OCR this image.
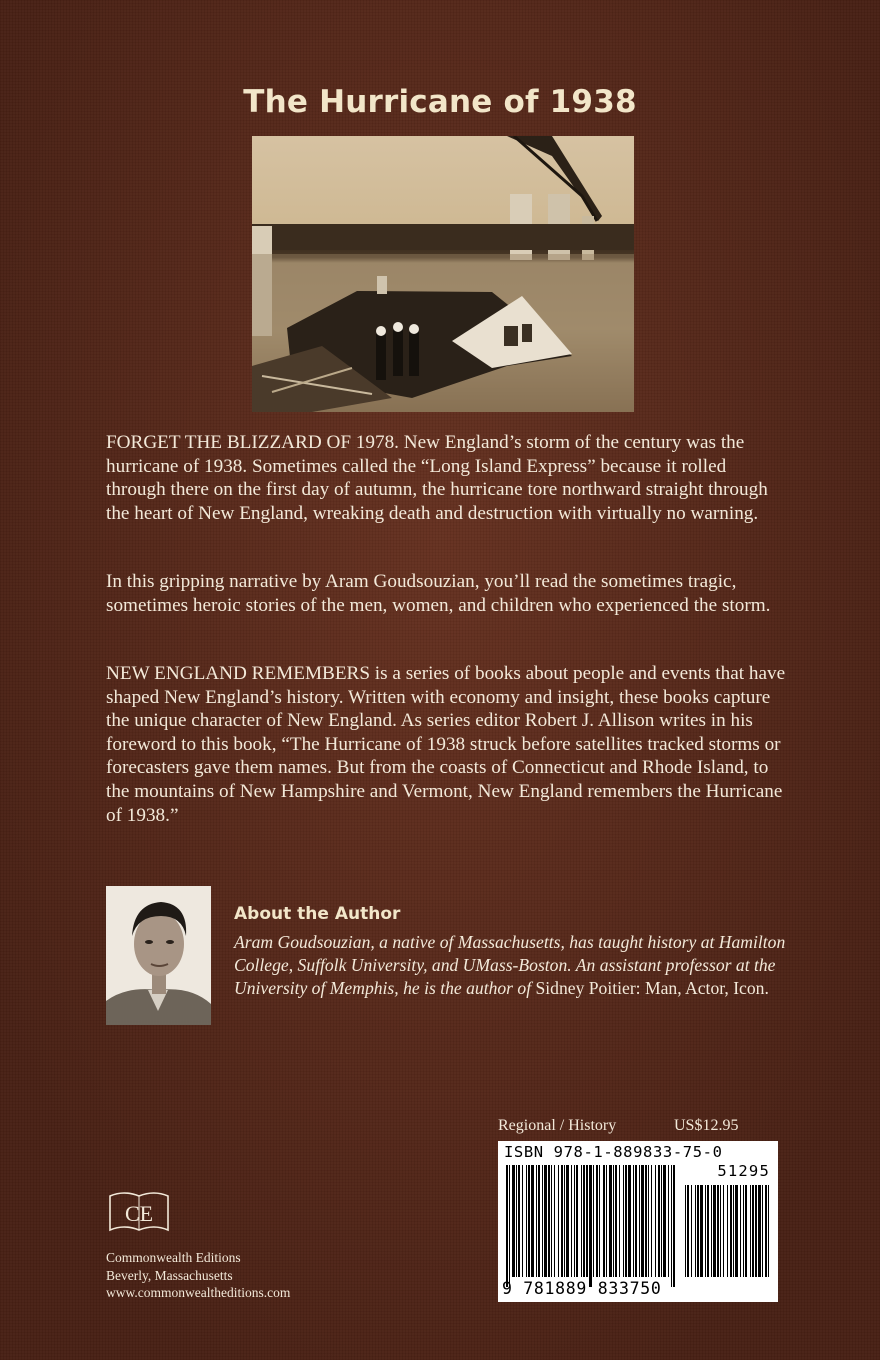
The Hurricane of 1938
FORGET THE BLIZZARD OF 1978. New England’s storm of the century was the hurricane of 1938. Sometimes called the “Long Island Express” because it rolled through there on the first day of autumn, the hurricane tore northward straight through the heart of New England, wreaking death and destruction with virtually no warning.
In this gripping narrative by Aram Goudsouzian, you’ll read the sometimes tragic, sometimes heroic stories of the men, women, and children who experienced the storm.
NEW ENGLAND REMEMBERS is a series of books about people and events that have shaped New England’s history. Written with economy and insight, these books capture the unique character of New England. As series editor Robert J. Allison writes in his foreword to this book, “The Hurricane of 1938 struck before satellites tracked storms or forecasters gave them names. But from the coasts of Connecticut and Rhode Island, to the mountains of New Hampshire and Vermont, New England remembers the Hurricane of 1938.”
About the Author
Aram Goudsouzian, a native of Massachusetts, has taught history at Hamilton College, Suffolk University, and UMass-Boston. An assistant professor at the University of Memphis, he is the author of Sidney Poitier: Man, Actor, Icon.
Regional / History	US$12.95
ISBN 978-1-889833-75-0
51295
9 781889 833750
CE
Commonwealth Editions
Beverly, Massachusetts
www.commonwealtheditions.com
